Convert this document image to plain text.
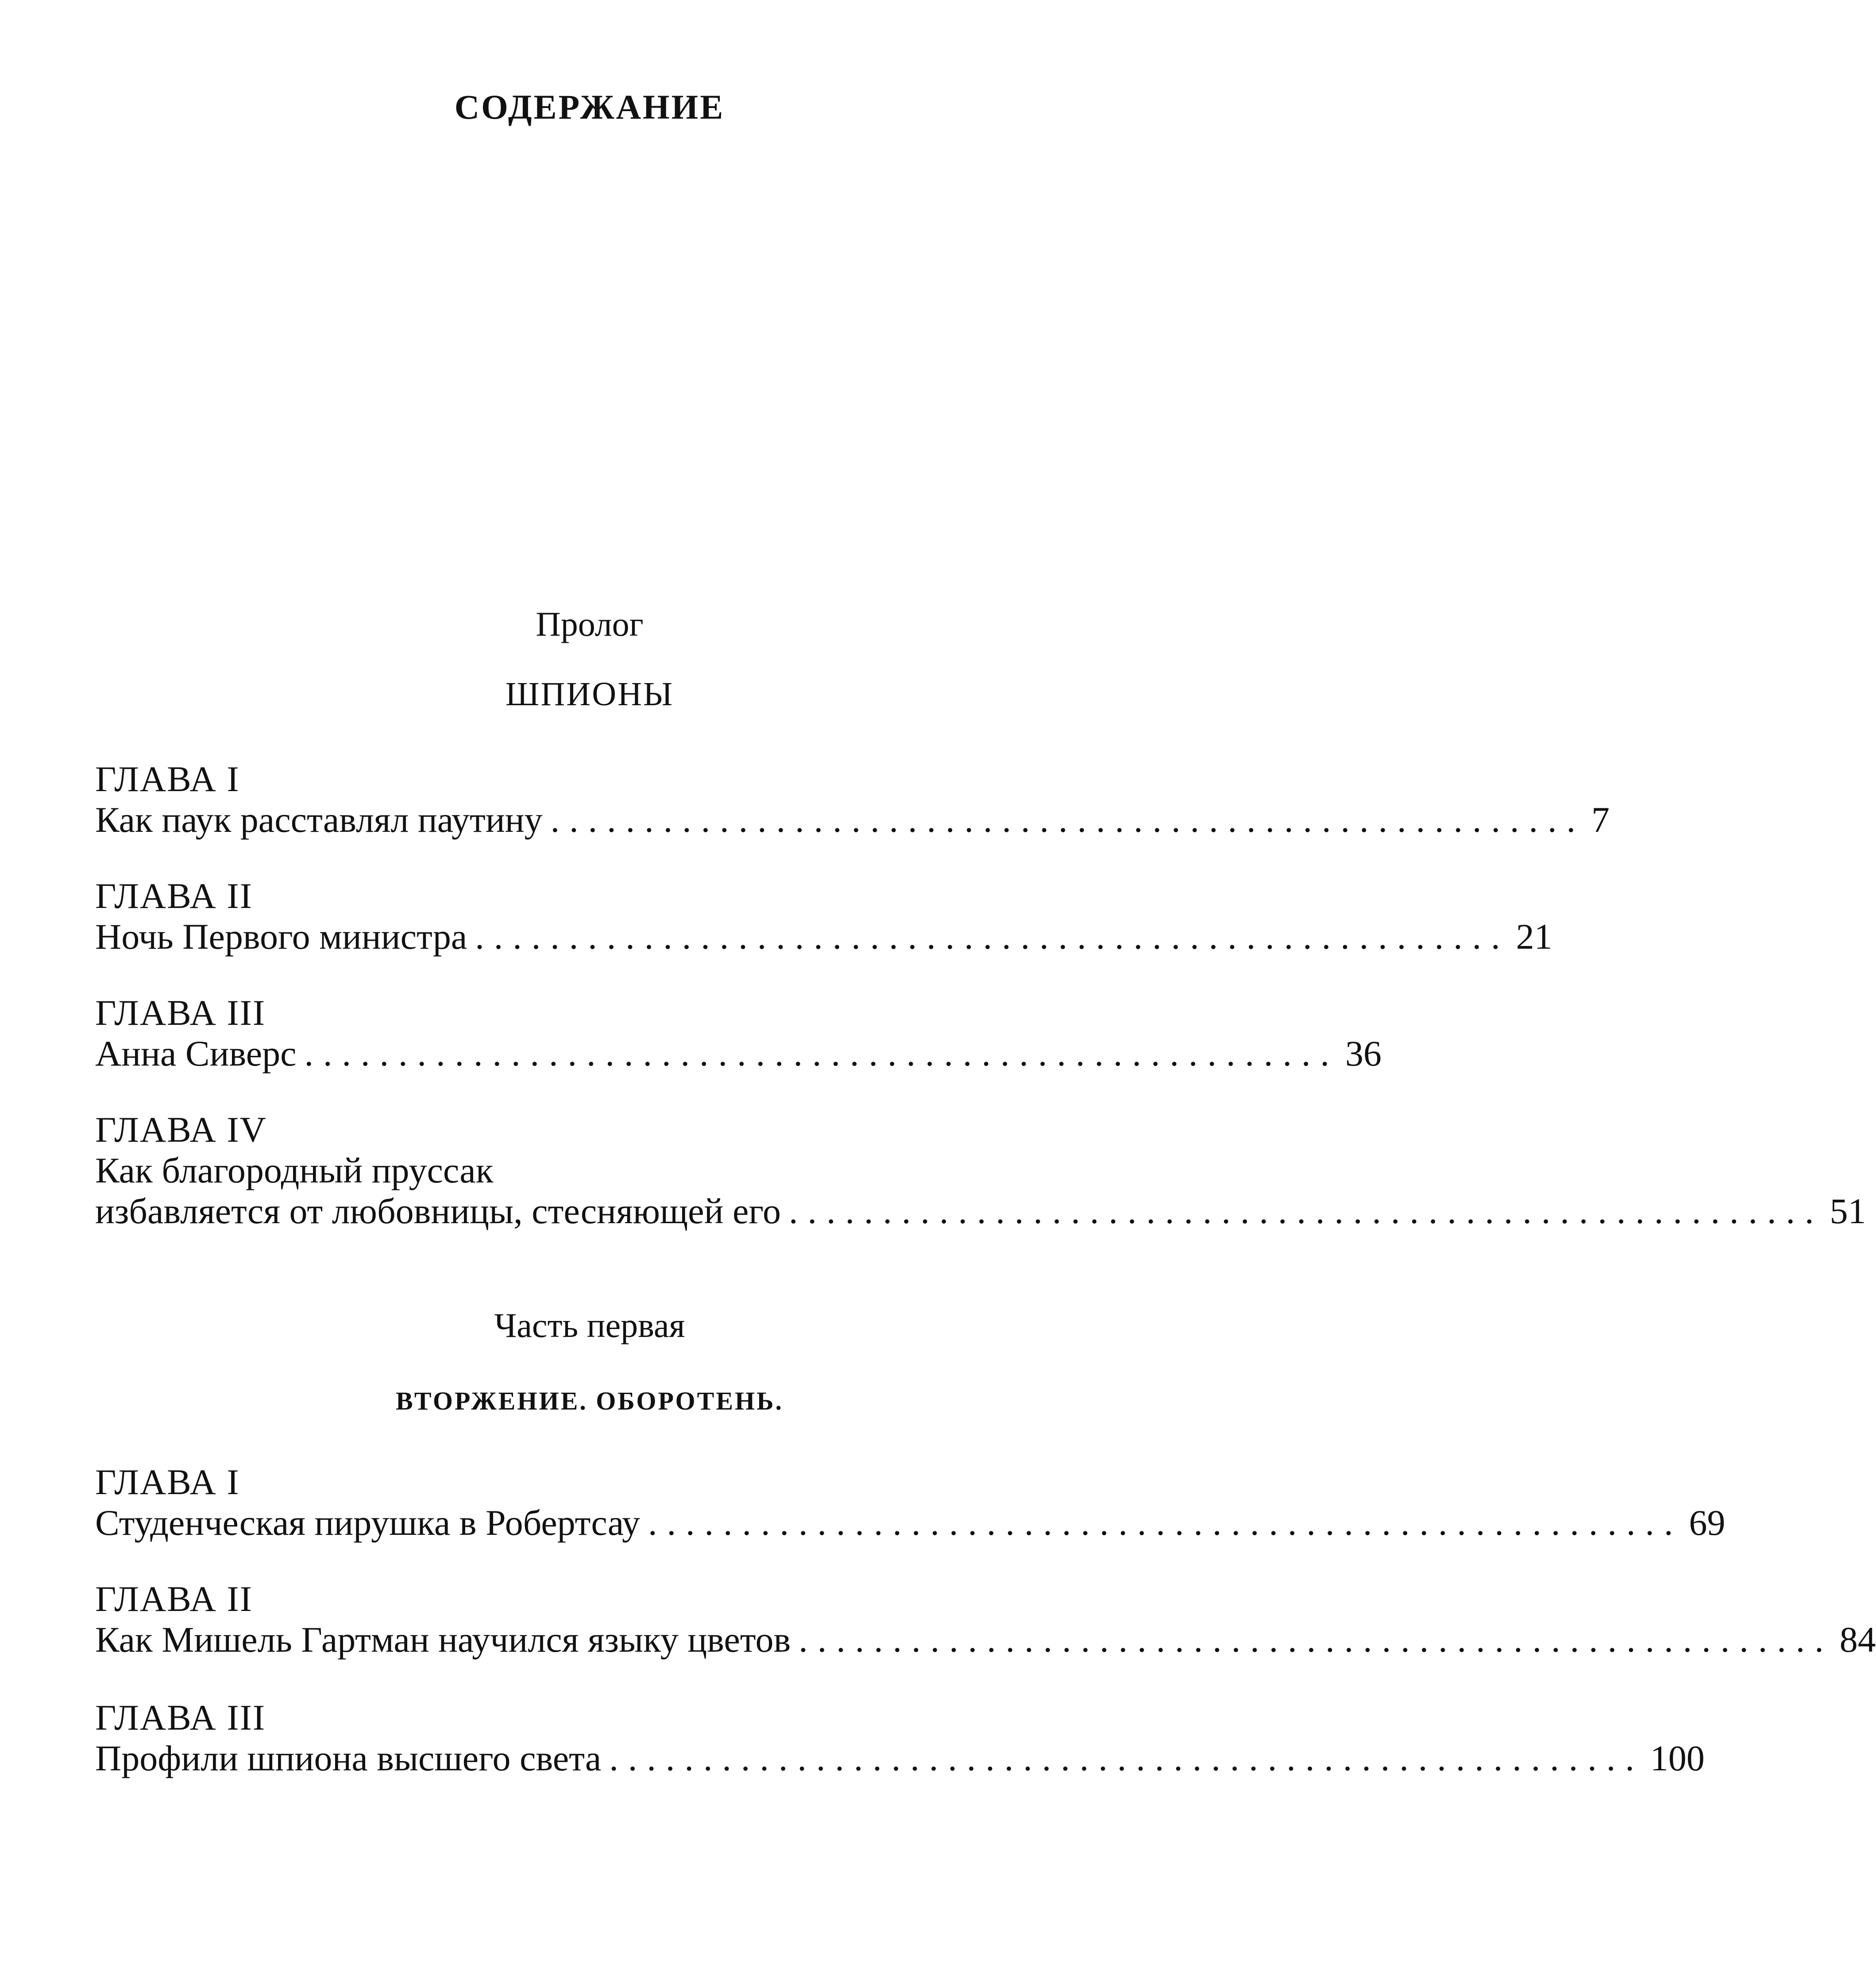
СОДЕРЖАНИЕ
Пролог
ШПИОНЫ
ГЛАВА I
Как паук расставлял паутину ....................................................... 7
ГЛАВА II
Ночь Первого министра ....................................................... 21
ГЛАВА III
Анна Сиверс ....................................................... 36
ГЛАВА IV
Как благородный пруссак
избавляется от любовницы, стесняющей его ....................................................... 51
Часть первая
ВТОРЖЕНИЕ. ОБОРОТЕНЬ.
ГЛАВА I
Студенческая пирушка в Робертсау ....................................................... 69
ГЛАВА II
Как Мишель Гартман научился языку цветов ....................................................... 84
ГЛАВА III
Профили шпиона высшего света ....................................................... 100
